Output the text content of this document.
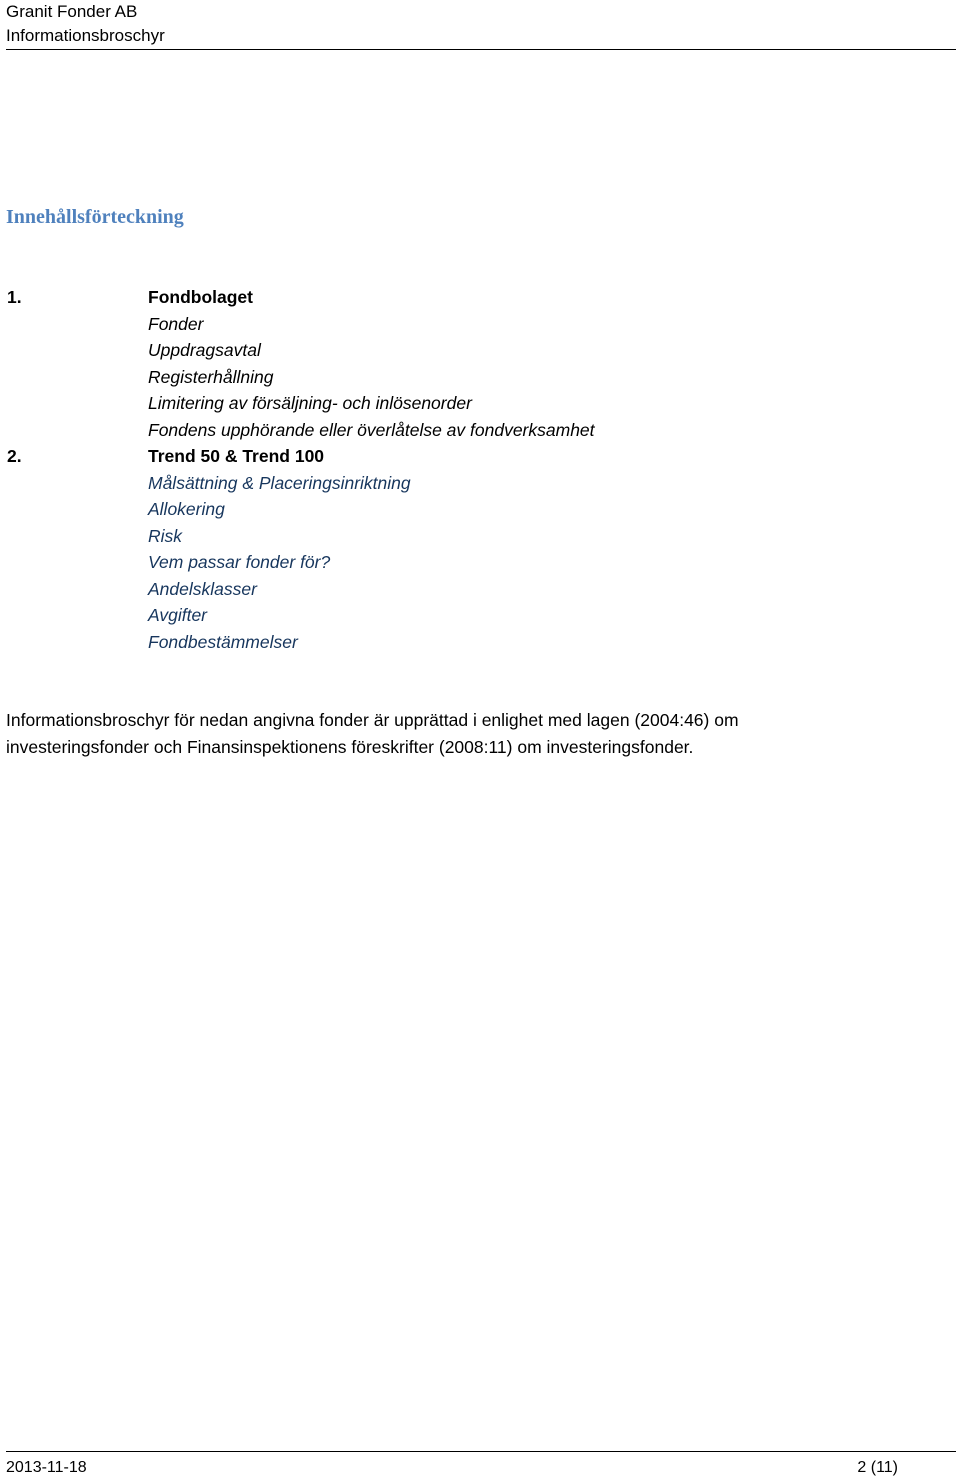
Granit Fonder AB
Informationsbroschyr
Innehållsförteckning
1.	Fondbolaget
Fonder
Uppdragsavtal
Registerhållning
Limitering av försäljning- och inlösenorder
Fondens upphörande eller överlåtelse av fondverksamhet
2.	Trend 50 & Trend 100
Målsättning & Placeringsinriktning
Allokering
Risk
Vem passar fonder för?
Andelsklasser
Avgifter
Fondbestämmelser
Informationsbroschyr för nedan angivna fonder är upprättad i enlighet med lagen (2004:46) om
investeringsfonder och Finansinspektionens föreskrifter (2008:11) om investeringsfonder.
2013-11-18	2 (11)
